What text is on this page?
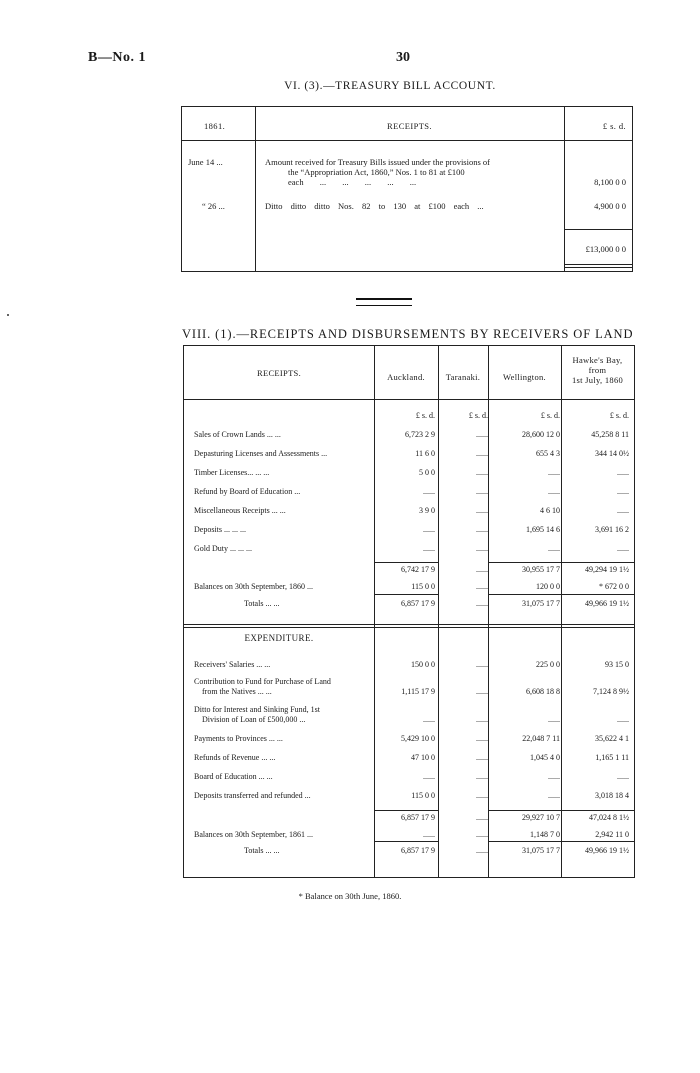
B—No. 1	30
VI. (3).—TREASURY BILL ACCOUNT.
1861.	RECEIPTS.	£ s. d.
June 14 ...	Amount received for Treasury Bills issued under the provisions of
the “Appropriation Act, 1860,” Nos. 1 to 81 at £100
each ... ... ... ... ...	8,100 0 0
“ 26 ...	Ditto ditto ditto Nos. 82 to 130 at £100 each ...	4,900 0 0
£13,000 0 0
VIII. (1).—RECEIPTS AND DISBURSEMENTS BY RECEIVERS OF LAND
RECEIPTS.	Auckland.	Taranaki.	Wellington.
Hawke's Bay,
from
1st July, 1860
£ s. d.	£ s. d.	£ s. d.	£ s. d.
Sales of Crown Lands ... ...	6,723 2 9	......	28,600 12 0	45,258 8 11
Depasturing Licenses and Assessments ...	11 6 0	......	655 4 3	344 14 0½
Timber Licenses... ... ...	5 0 0	......	......	......
Refund by Board of Education ...	......	......	......	......
Miscellaneous Receipts ... ...	3 9 0	......	4 6 10	......
Deposits ... ... ...	......	......	1,695 14 6	3,691 16 2
Gold Duty ... ... ...	......	......	......	......
6,742 17 9	......	30,955 17 7	49,294 19 1½
Balances on 30th September, 1860 ...	115 0 0	......	120 0 0	* 672 0 0
Totals ... ...	6,857 17 9	......	31,075 17 7	49,966 19 1½
Receivers' Salaries ... ...	150 0 0	......	225 0 0	93 15 0
Contribution to Fund for Purchase of Land
from the Natives ... ...	1,115 17 9	......	6,608 18 8	7,124 8 9½
Ditto for Interest and Sinking Fund, 1st
Division of Loan of £500,000 ...	......	......	......	......
Payments to Provinces ... ...	5,429 10 0	......	22,048 7 11	35,622 4 1
Refunds of Revenue ... ...	47 10 0	......	1,045 4 0	1,165 1 11
Board of Education ... ...	......	......	......	......
Deposits transferred and refunded ...	115 0 0	......	......	3,018 18 4
6,857 17 9	......	29,927 10 7	47,024 8 1½
Balances on 30th September, 1861 ...	......	......	1,148 7 0	2,942 11 0
Totals ... ...	6,857 17 9	......	31,075 17 7	49,966 19 1½
EXPENDITURE.
* Balance on 30th June, 1860.
